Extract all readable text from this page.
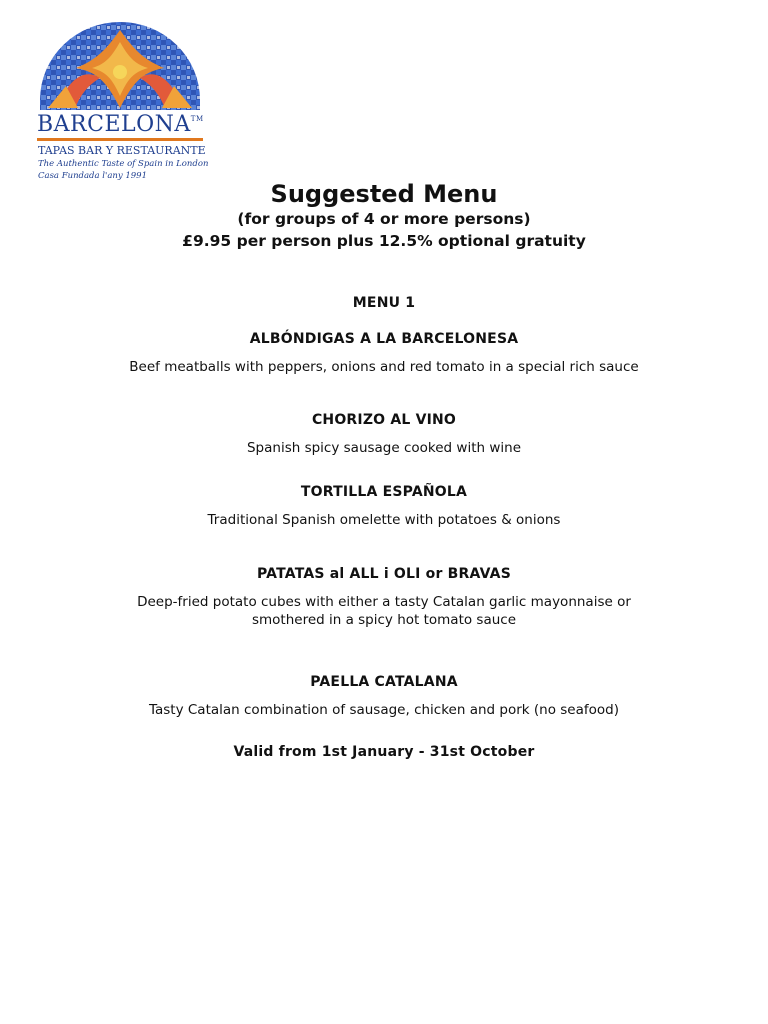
BARCELONA™
TAPAS BAR Y RESTAURANTE
The Authentic Taste of Spain in London
Casa Fundada l'any 1991
Suggested Menu
(for groups of 4 or more persons)
£9.95 per person plus 12.5% optional gratuity
MENU 1
ALBÓNDIGAS A LA BARCELONESA
Beef meatballs with peppers, onions and red tomato in a special rich sauce
CHORIZO AL VINO
Spanish spicy sausage cooked with wine
TORTILLA ESPAÑOLA
Traditional Spanish omelette with potatoes & onions
PATATAS al ALL i OLI or BRAVAS
Deep-fried potato cubes with either a tasty Catalan garlic mayonnaise or
smothered in a spicy hot tomato sauce
PAELLA CATALANA
Tasty Catalan combination of sausage, chicken and pork (no seafood)
Valid from 1st January - 31st October
